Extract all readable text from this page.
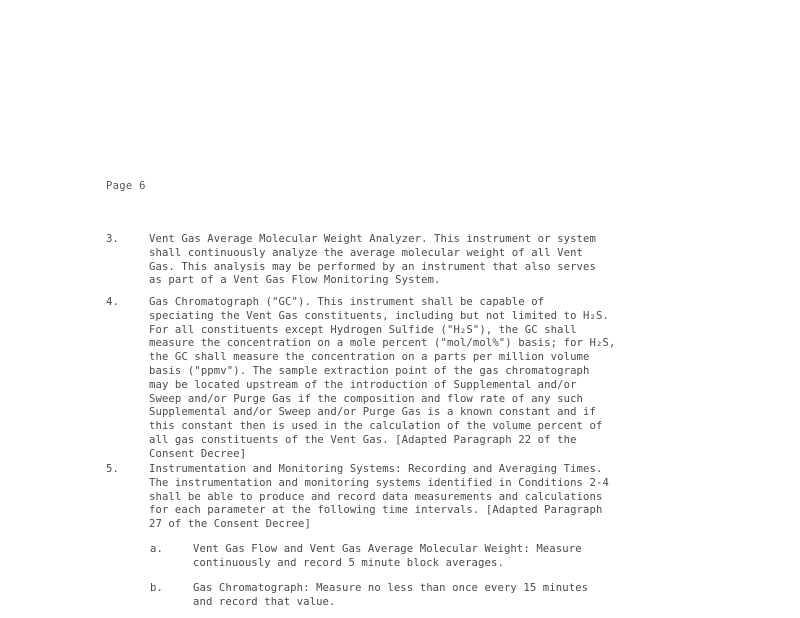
Page 6
3.	Vent Gas Average Molecular Weight Analyzer. This instrument or system
shall continuously analyze the average molecular weight of all Vent
Gas. This analysis may be performed by an instrument that also serves
as part of a Vent Gas Flow Monitoring System.
4.	Gas Chromatograph ("GC"). This instrument shall be capable of
speciating the Vent Gas constituents, including but not limited to H₂S.
For all constituents except Hydrogen Sulfide ("H₂S"), the GC shall
measure the concentration on a mole percent ("mol/mol%") basis; for H₂S,
the GC shall measure the concentration on a parts per million volume
basis ("ppmv"). The sample extraction point of the gas chromatograph
may be located upstream of the introduction of Supplemental and/or
Sweep and/or Purge Gas if the composition and flow rate of any such
Supplemental and/or Sweep and/or Purge Gas is a known constant and if
this constant then is used in the calculation of the volume percent of
all gas constituents of the Vent Gas. [Adapted Paragraph 22 of the
Consent Decree]
5.	Instrumentation and Monitoring Systems: Recording and Averaging Times.
The instrumentation and monitoring systems identified in Conditions 2-4
shall be able to produce and record data measurements and calculations
for each parameter at the following time intervals. [Adapted Paragraph
27 of the Consent Decree]
a.	Vent Gas Flow and Vent Gas Average Molecular Weight: Measure
continuously and record 5 minute block averages.
b.	Gas Chromatograph: Measure no less than once every 15 minutes
and record that value.
